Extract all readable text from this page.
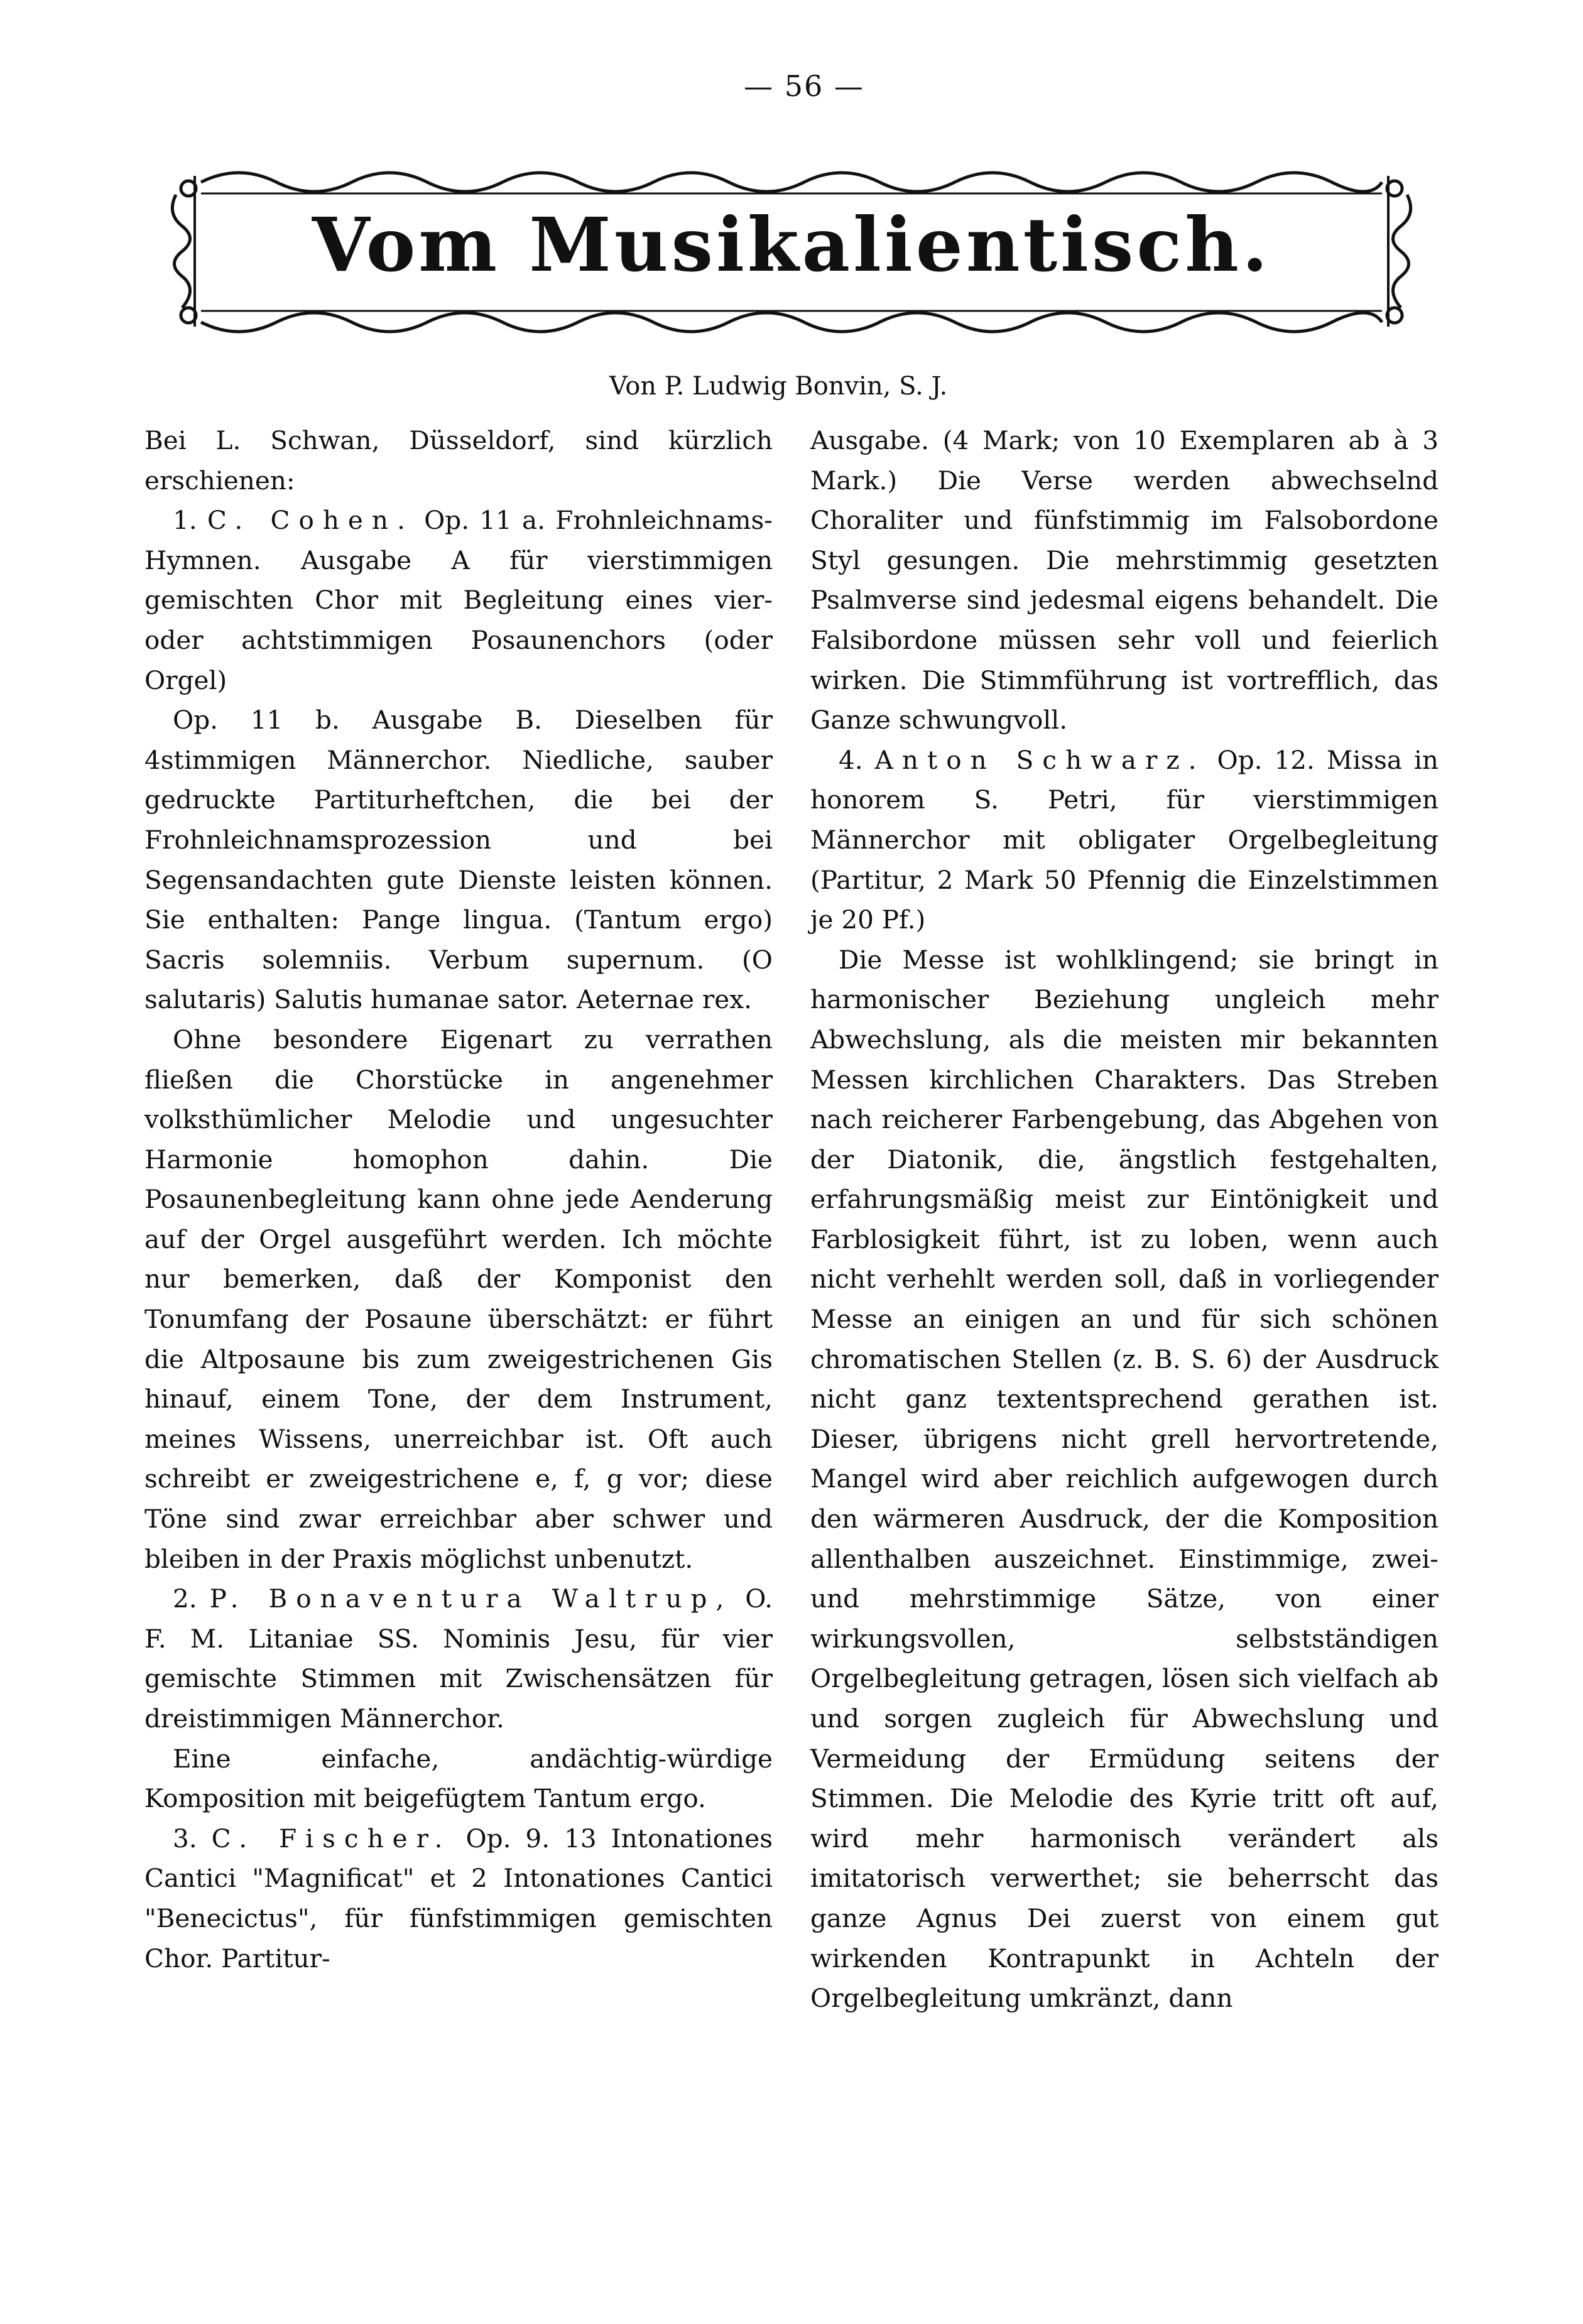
— 56 —
Vom Musikalientisch.
Von P. Ludwig Bonvin, S. J.

Bei L. Schwan, Düsseldorf, sind kürzlich erschienen:

1. C. Cohen. Op. 11 a. Frohnleichnams-Hymnen. Ausgabe A für vierstimmigen gemischten Chor mit Begleitung eines vier- oder achtstimmigen Posaunenchors (oder Orgel)

Op. 11 b. Ausgabe B. Dieselben für 4stimmigen Männerchor. Niedliche, sauber gedruckte Partiturheftchen, die bei der Frohnleichnamsprozession und bei Segensandachten gute Dienste leisten können. Sie enthalten: Pange lingua. (Tantum ergo) Sacris solemniis. Verbum supernum. (O salutaris) Salutis humanae sator. Aeternae rex.

Ohne besondere Eigenart zu verrathen fließen die Chorstücke in angenehmer volksthümlicher Melodie und ungesuchter Harmonie homophon dahin. Die Posaunenbegleitung kann ohne jede Aenderung auf der Orgel ausgeführt werden. Ich möchte nur bemerken, daß der Komponist den Tonumfang der Posaune überschätzt: er führt die Altposaune bis zum zweigestrichenen Gis hinauf, einem Tone, der dem Instrument, meines Wissens, unerreichbar ist. Oft auch schreibt er zweigestrichene e, f, g vor; diese Töne sind zwar erreichbar aber schwer und bleiben in der Praxis möglichst unbenutzt.

2. P. Bonaventura Waltrup, O. F. M. Litaniae SS. Nominis Jesu, für vier gemischte Stimmen mit Zwischensätzen für dreistimmigen Männerchor.

Eine einfache, andächtig-würdige Komposition mit beigefügtem Tantum ergo.

3. C. Fischer. Op. 9. 13 Intonationes Cantici "Magnificat" et 2 Intonationes Cantici "Benecictus", für fünfstimmigen gemischten Chor. Partitur-

Ausgabe. (4 Mark; von 10 Exemplaren ab à 3 Mark.) Die Verse werden abwechselnd Choraliter und fünfstimmig im Falsobordone Styl gesungen. Die mehrstimmig gesetzten Psalmverse sind jedesmal eigens behandelt. Die Falsibordone müssen sehr voll und feierlich wirken. Die Stimmführung ist vortrefflich, das Ganze schwungvoll.

4. Anton Schwarz. Op. 12. Missa in honorem S. Petri, für vierstimmigen Männerchor mit obligater Orgelbegleitung (Partitur, 2 Mark 50 Pfennig die Einzelstimmen je 20 Pf.)

Die Messe ist wohlklingend; sie bringt in harmonischer Beziehung ungleich mehr Abwechslung, als die meisten mir bekannten Messen kirchlichen Charakters. Das Streben nach reicherer Farbengebung, das Abgehen von der Diatonik, die, ängstlich festgehalten, erfahrungsmäßig meist zur Eintönigkeit und Farblosigkeit führt, ist zu loben, wenn auch nicht verhehlt werden soll, daß in vorliegender Messe an einigen an und für sich schönen chromatischen Stellen (z. B. S. 6) der Ausdruck nicht ganz textentsprechend gerathen ist. Dieser, übrigens nicht grell hervortretende, Mangel wird aber reichlich aufgewogen durch den wärmeren Ausdruck, der die Komposition allenthalben auszeichnet. Einstimmige, zwei- und mehrstimmige Sätze, von einer wirkungsvollen, selbstständigen Orgelbegleitung getragen, lösen sich vielfach ab und sorgen zugleich für Abwechslung und Vermeidung der Ermüdung seitens der Stimmen. Die Melodie des Kyrie tritt oft auf, wird mehr harmonisch verändert als imitatorisch verwerthet; sie beherrscht das ganze Agnus Dei zuerst von einem gut wirkenden Kontrapunkt in Achteln der Orgelbegleitung umkränzt, dann
